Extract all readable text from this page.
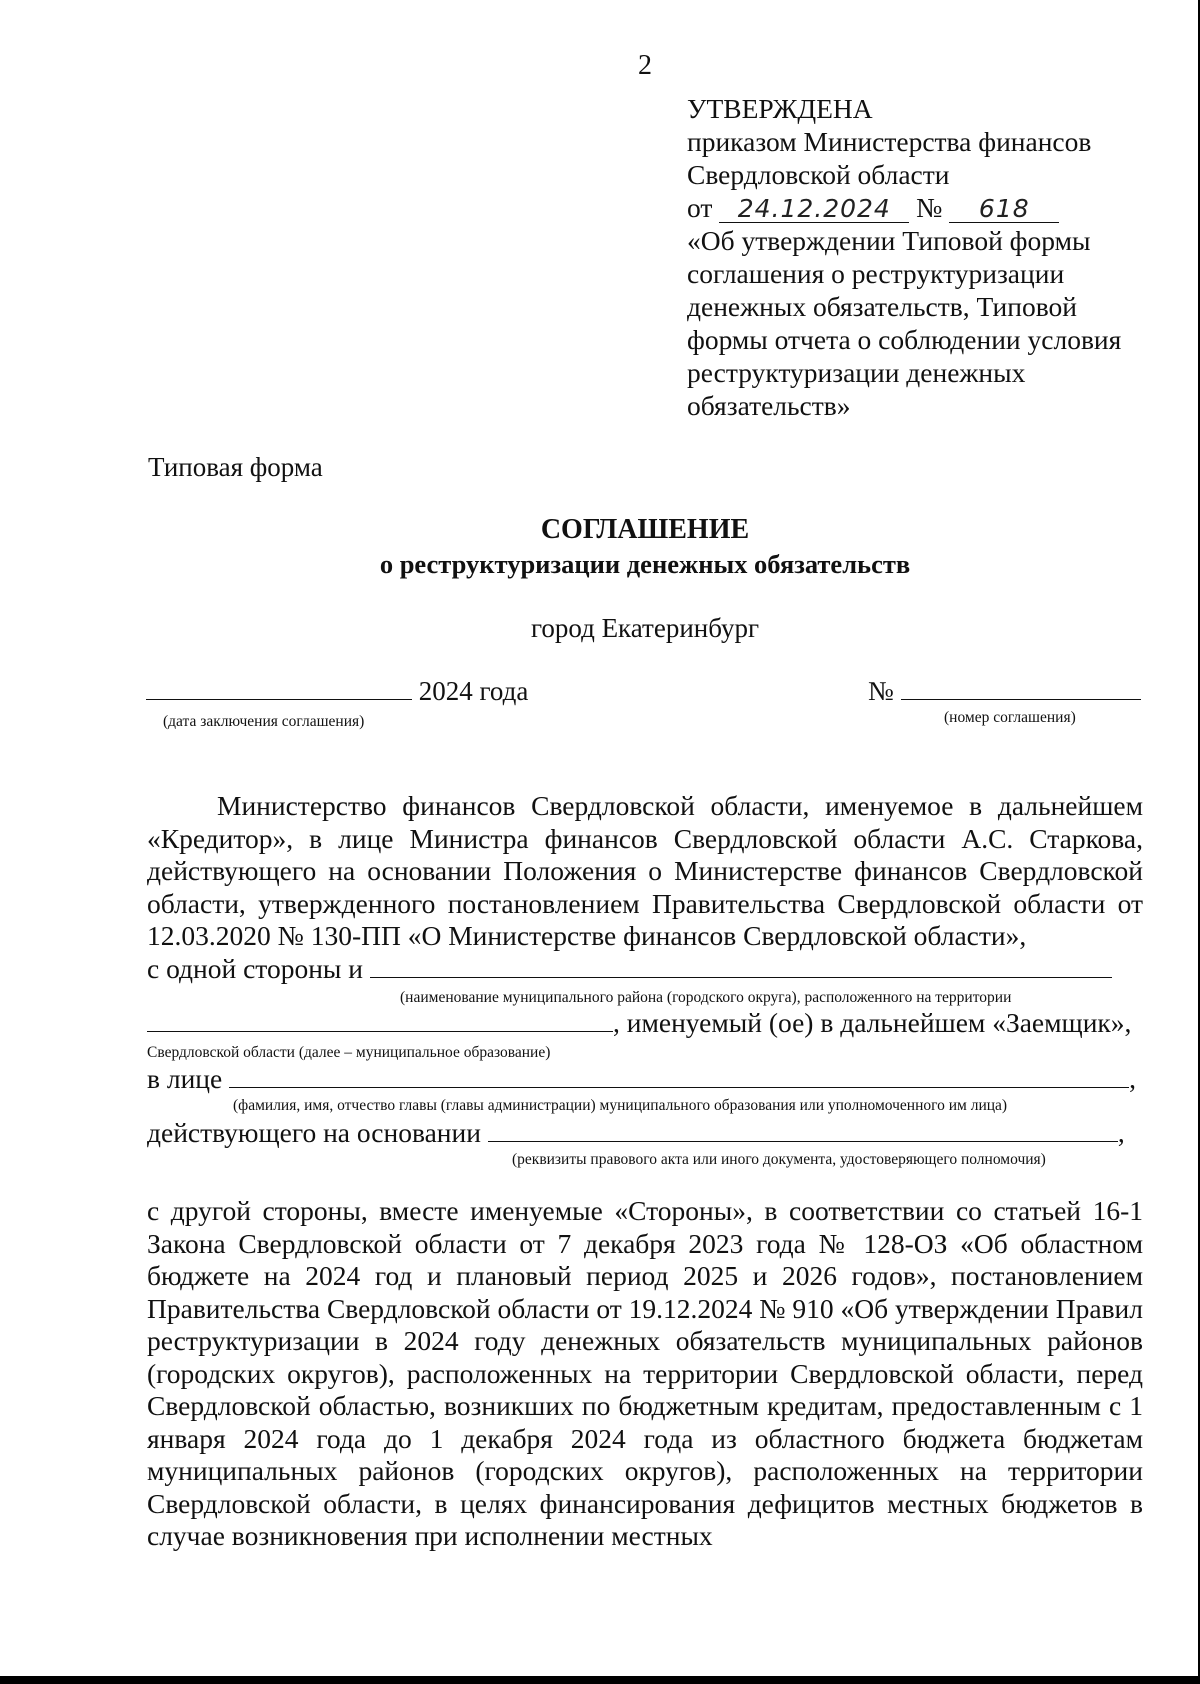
2
УТВЕРЖДЕНА
приказом Министерства финансов
Свердловской области
от 24.12.2024 № 618
«Об утверждении Типовой формы
соглашения о реструктуризации
денежных обязательств, Типовой
формы отчета о соблюдении условия
реструктуризации денежных
обязательств»
Типовая форма
СОГЛАШЕНИЕ
о реструктуризации денежных обязательств
город Екатеринбург
2024 года
(дата заключения соглашения)
№
(номер соглашения)
Министерство финансов Свердловской области, именуемое в дальнейшем «Кредитор», в лице Министра финансов Свердловской области А.С. Старкова, действующего на основании Положения о Министерстве финансов Свердловской области, утвержденного постановлением Правительства Свердловской области от 12.03.2020 № 130-ПП «О Министерстве финансов Свердловской области»,
с одной стороны и
(наименование муниципального района (городского округа), расположенного на территории
, именуемый (ое) в дальнейшем «Заемщик»,
Свердловской области (далее – муниципальное образование)
в лице	,
(фамилия, имя, отчество главы (главы администрации) муниципального образования или уполномоченного им лица)
действующего на основании	,
(реквизиты правового акта или иного документа, удостоверяющего полномочия)
с другой стороны, вместе именуемые «Стороны», в соответствии со статьей 16-1 Закона Свердловской области от 7 декабря 2023 года № 128-ОЗ «Об областном бюджете на 2024 год и плановый период 2025 и 2026 годов», постановлением Правительства Свердловской области от 19.12.2024 № 910 «Об утверждении Правил реструктуризации в 2024 году денежных обязательств муниципальных районов (городских округов), расположенных на территории Свердловской области, перед Свердловской областью, возникших по бюджетным кредитам, предоставленным с 1 января 2024 года до 1 декабря 2024 года из областного бюджета бюджетам муниципальных районов (городских округов), расположенных на территории Свердловской области, в целях финансирования дефицитов местных бюджетов в случае возникновения при исполнении местных
